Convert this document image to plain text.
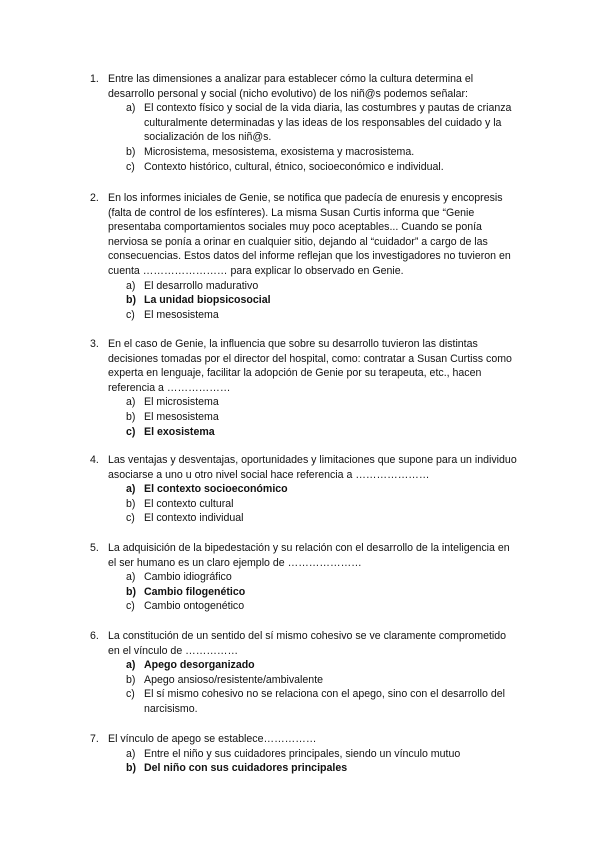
1. Entre las dimensiones a analizar para establecer cómo la cultura determina el desarrollo personal y social (nicho evolutivo) de los niñ@s podemos señalar:
a) El contexto físico y social de la vida diaria, las costumbres y pautas de crianza culturalmente determinadas y las ideas de los responsables del cuidado y la socialización de los niñ@s.
b) Microsistema, mesosistema, exosistema y macrosistema.
c) Contexto histórico, cultural, étnico, socioeconómico e individual.
2. En los informes iniciales de Genie, se notifica que padecía de enuresis y encopresis (falta de control de los esfínteres). La misma Susan Curtis informa que “Genie presentaba comportamientos sociales muy poco aceptables... Cuando se ponía nerviosa se ponía a orinar en cualquier sitio, dejando al “cuidador” a cargo de las consecuencias. Estos datos del informe reflejan que los investigadores no tuvieron en cuenta …………………… para explicar lo observado en Genie.
a) El desarrollo madurativo
b) La unidad biopsicosocial
c) El mesosistema
3. En el caso de Genie, la influencia que sobre su desarrollo tuvieron las distintas decisiones tomadas por el director del hospital, como: contratar a Susan Curtiss como experta en lenguaje, facilitar la adopción de Genie por su terapeuta, etc., hacen referencia a ………………
a) El microsistema
b) El mesosistema
c) El exosistema
4. Las ventajas y desventajas, oportunidades y limitaciones que supone para un individuo asociarse a uno u otro nivel social hace referencia a …………………
a) El contexto socioeconómico
b) El contexto cultural
c) El contexto individual
5. La adquisición de la bipedestación y su relación con el desarrollo de la inteligencia en el ser humano es un claro ejemplo de …………………
a) Cambio idiográfico
b) Cambio filogenético
c) Cambio ontogenético
6. La constitución de un sentido del sí mismo cohesivo se ve claramente comprometido en el vínculo de ……………
a) Apego desorganizado
b) Apego ansioso/resistente/ambivalente
c) El sí mismo cohesivo no se relaciona con el apego, sino con el desarrollo del narcisismo.
7. El vínculo de apego se establece……………
a) Entre el niño y sus cuidadores principales, siendo un vínculo mutuo
b) Del niño con sus cuidadores principales
